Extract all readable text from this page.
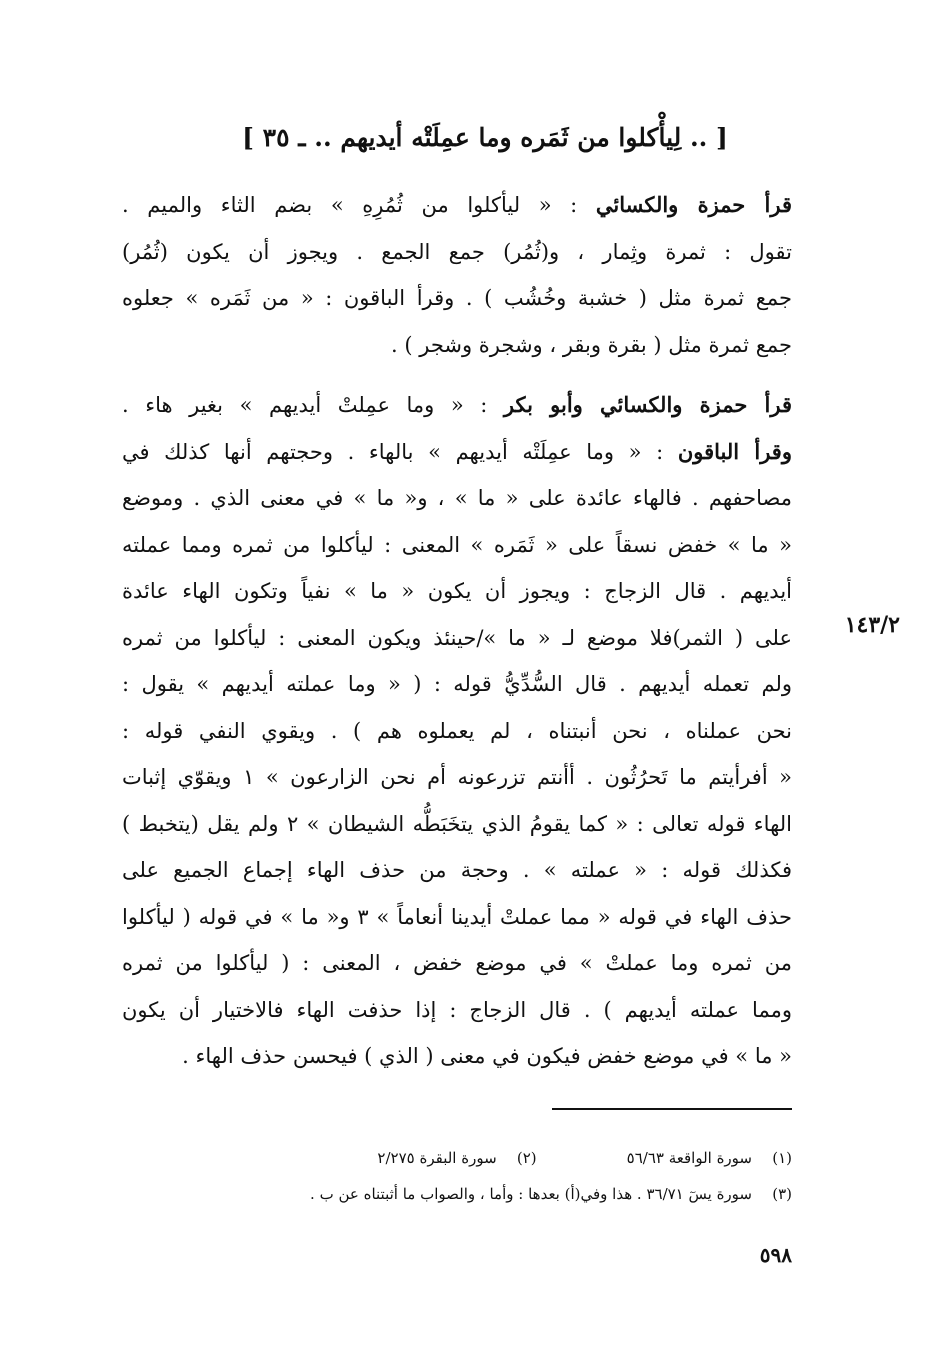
[ .. لِيأْكلوا من ثَمَره وما عمِلَتْه أيديهم .. ـ ٣٥ ]
قرأ حمزة والكسائي : « ليأكلوا من ثُمُرِهِ » بضم الثاء والميم .
تقول : ثمرة وثِمار ، و(ثُمُر) جمع الجمع . ويجوز أن يكون (ثُمُر)
جمع ثمرة مثل ( خشبة وخُشُب ) . وقرأ الباقون : « من ثَمَره » جعلوه
جمع ثمرة مثل ( بقرة وبقر ، وشجرة وشجر ) .
قرأ حمزة والكسائي وأبو بكر : « وما عمِلتْ أيديهم » بغير هاء .
وقرأ الباقون : « وما عمِلَتْه أيديهم » بالهاء . وحجتهم أنها كذلك في
مصاحفهم . فالهاء عائدة على « ما » ، و« ما » في معنى الذي . وموضع
« ما » خفض نسقاً على « ثَمَره » المعنى : ليأكلوا من ثمره ومما عملته
أيديهم . قال الزجاج : ويجوز أن يكون « ما » نفياً وتكون الهاء عائدة
على ( الثمر)فلا موضع لـ « ما »/حينئذ ويكون المعنى : ليأكلوا من ثمره
ولم تعمله أيديهم . قال السُّدِّيُّ قوله : ( « وما عملته أيديهم » يقول :
نحن عملناه ، نحن أنبتناه ، لم يعملوه هم ) . ويقوي النفي قوله :
« أفرأيتم ما تَحرُثُون . أأنتم تزرعونه أم نحن الزارعون » ١ ويقوّي إثبات
الهاء قوله تعالى : « كما يقومُ الذي يتخَبَطُّه الشيطان » ٢ ولم يقل (يتخبط )
فكذلك قوله : « عملته » . وحجة من حذف الهاء إجماع الجميع على
حذف الهاء في قوله « مما عملتْ أيدينا أنعاماً » ٣ و« ما » في قوله ( ليأكلوا
من ثمره وما عملتْ » في موضع خفض ، المعنى : ( ليأكلوا من ثمره
ومما عملته أيديهم ) . قال الزجاج : إذا حذفت الهاء فالاختيار أن يكون
« ما » في موضع خفض فيكون في معنى ( الذي ) فيحسن حذف الهاء .
١٤٣/٢
(١)سورة الواقعة ٥٦/٦٣(٢)سورة البقرة ٢/٢٧٥
(٣)سورة يسٓ ٣٦/٧١ . هذا وفي(أ) بعدها : وأما ، والصواب ما أثبتناه عن ب .
٥٩٨
